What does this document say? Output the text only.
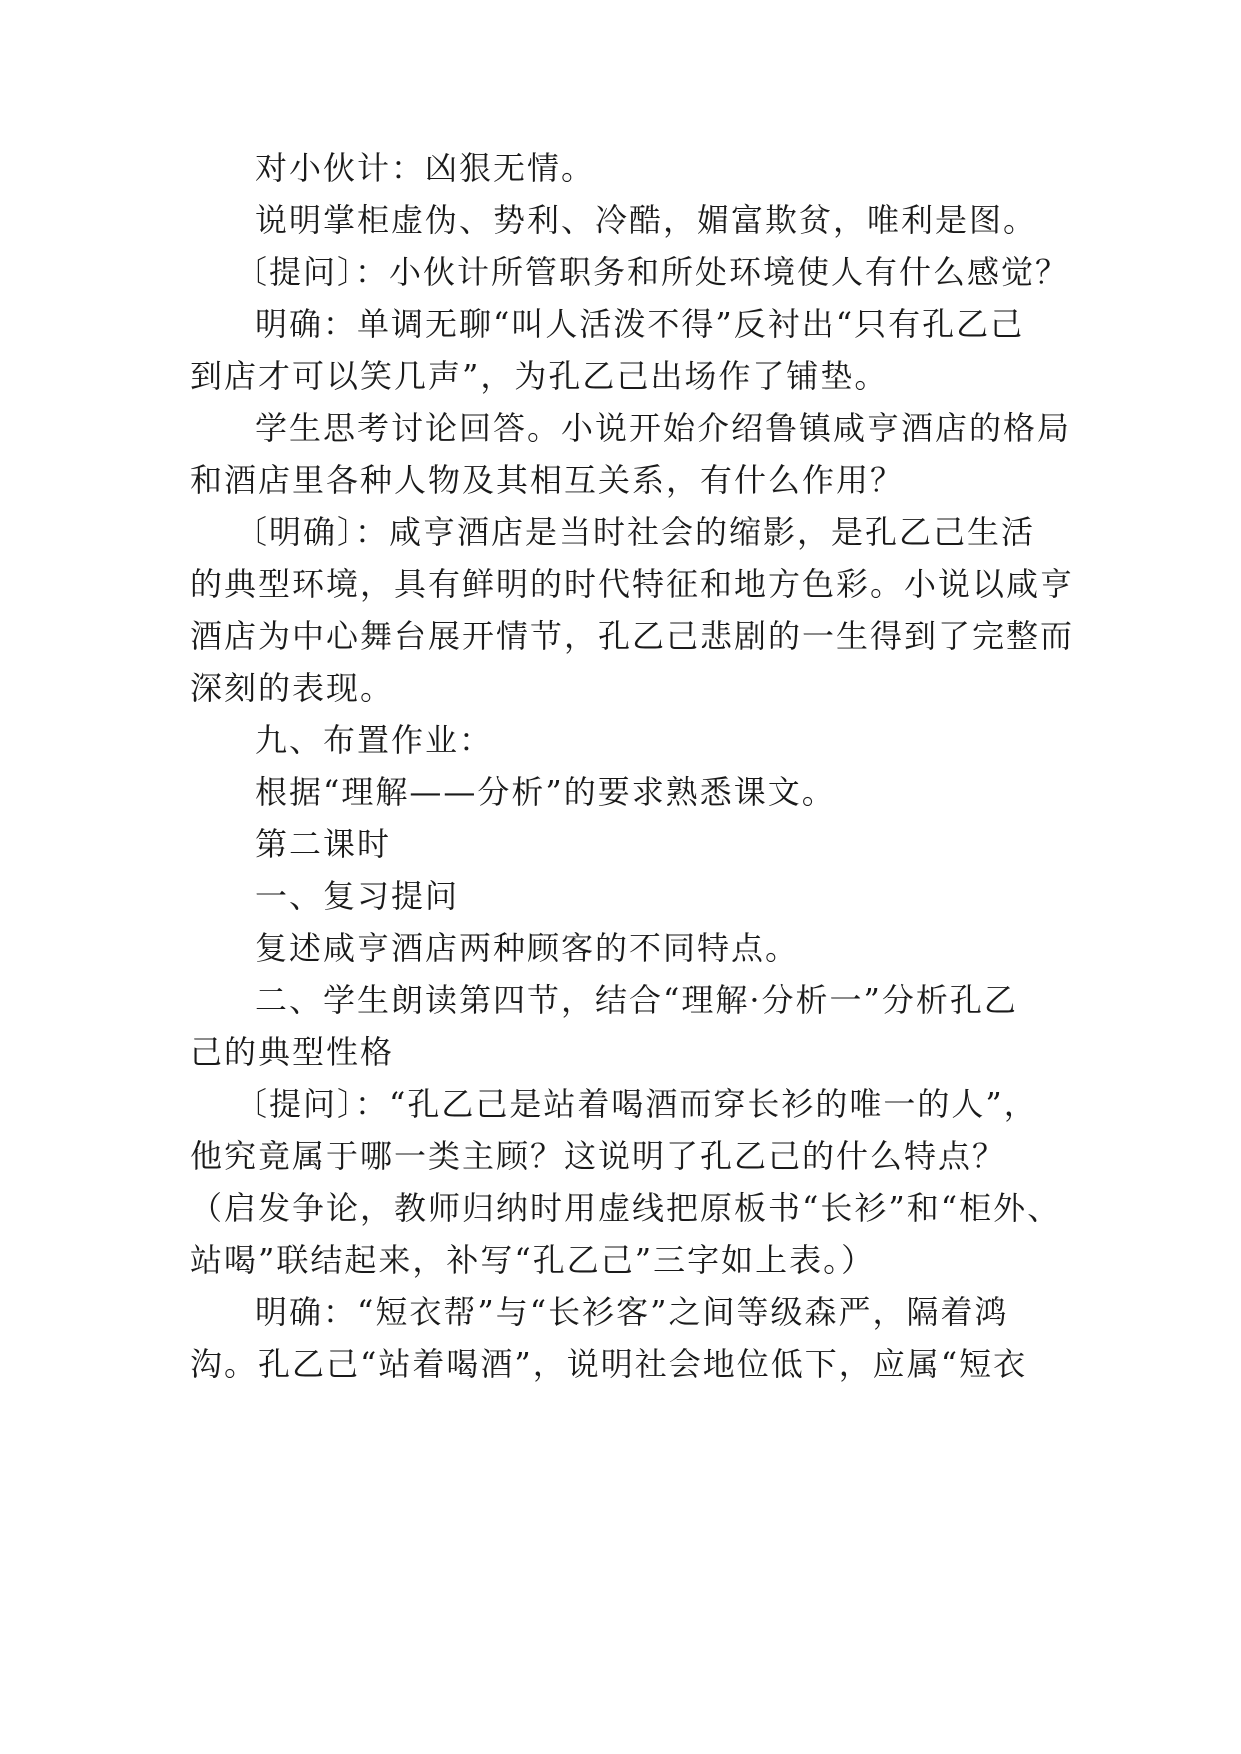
对小伙计：凶狠无情。
说明掌柜虚伪、势利、冷酷，媚富欺贫，唯利是图。
〔提问〕：小伙计所管职务和所处环境使人有什么感觉？
明确：单调无聊“叫人活泼不得”反衬出“只有孔乙己
到店才可以笑几声”，为孔乙己出场作了铺垫。
学生思考讨论回答。小说开始介绍鲁镇咸亨酒店的格局
和酒店里各种人物及其相互关系，有什么作用？
〔明确〕：咸亨酒店是当时社会的缩影，是孔乙己生活
的典型环境，具有鲜明的时代特征和地方色彩。小说以咸亨
酒店为中心舞台展开情节，孔乙己悲剧的一生得到了完整而
深刻的表现。
九、布置作业：
根据“理解——分析”的要求熟悉课文。
第二课时
一、复习提问
复述咸亨酒店两种顾客的不同特点。
二、学生朗读第四节，结合“理解·分析一”分析孔乙
己的典型性格
〔提问〕：“孔乙己是站着喝酒而穿长衫的唯一的人”，
他究竟属于哪一类主顾？这说明了孔乙己的什么特点？
（启发争论，教师归纳时用虚线把原板书“长衫”和“柜外、
站喝”联结起来，补写“孔乙己”三字如上表。）
明确：“短衣帮”与“长衫客”之间等级森严，隔着鸿
沟。孔乙己“站着喝酒”，说明社会地位低下，应属“短衣
